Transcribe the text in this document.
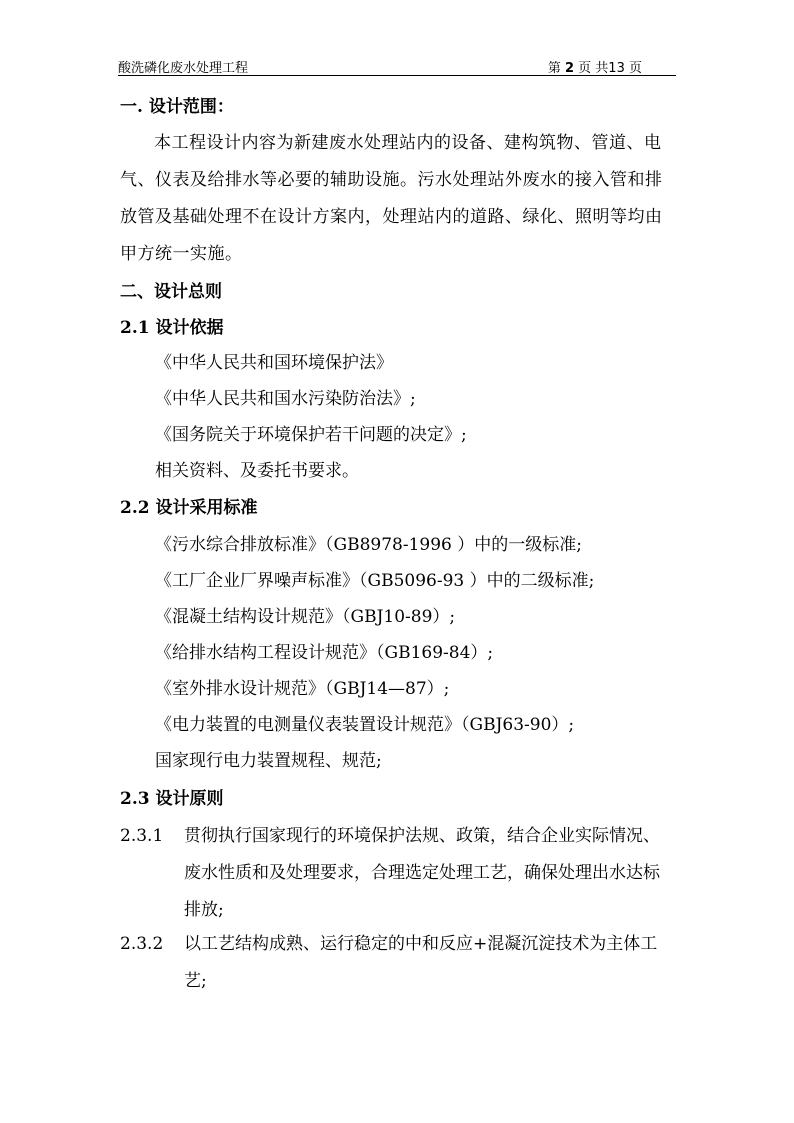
酸洗磷化废水处理工程	第 2 页 共13 页
一. 设计范围：
本工程设计内容为新建废水处理站内的设备、建构筑物、管道、电气、仪表及给排水等必要的辅助设施。污水处理站外废水的接入管和排放管及基础处理不在设计方案内，处理站内的道路、绿化、照明等均由甲方统一实施。
二、设计总则
2.1 设计依据
《中华人民共和国环境保护法》
《中华人民共和国水污染防治法》;
《国务院关于环境保护若干问题的决定》;
相关资料、及委托书要求。
2.2 设计采用标准
《污水综合排放标准》（GB8978-1996 ）中的一级标准;
《工厂企业厂界噪声标准》（GB5096-93 ）中的二级标准;
《混凝土结构设计规范》（GBJ10-89）;
《给排水结构工程设计规范》（GB169-84）;
《室外排水设计规范》（GBJ14—87）;
《电力装置的电测量仪表装置设计规范》（GBJ63-90）;
国家现行电力装置规程、规范;
2.3 设计原则
2.3.1 贯彻执行国家现行的环境保护法规、政策，结合企业实际情况、废水性质和及处理要求，合理选定处理工艺，确保处理出水达标排放;
2.3.2 以工艺结构成熟、运行稳定的中和反应+混凝沉淀技术为主体工艺;
